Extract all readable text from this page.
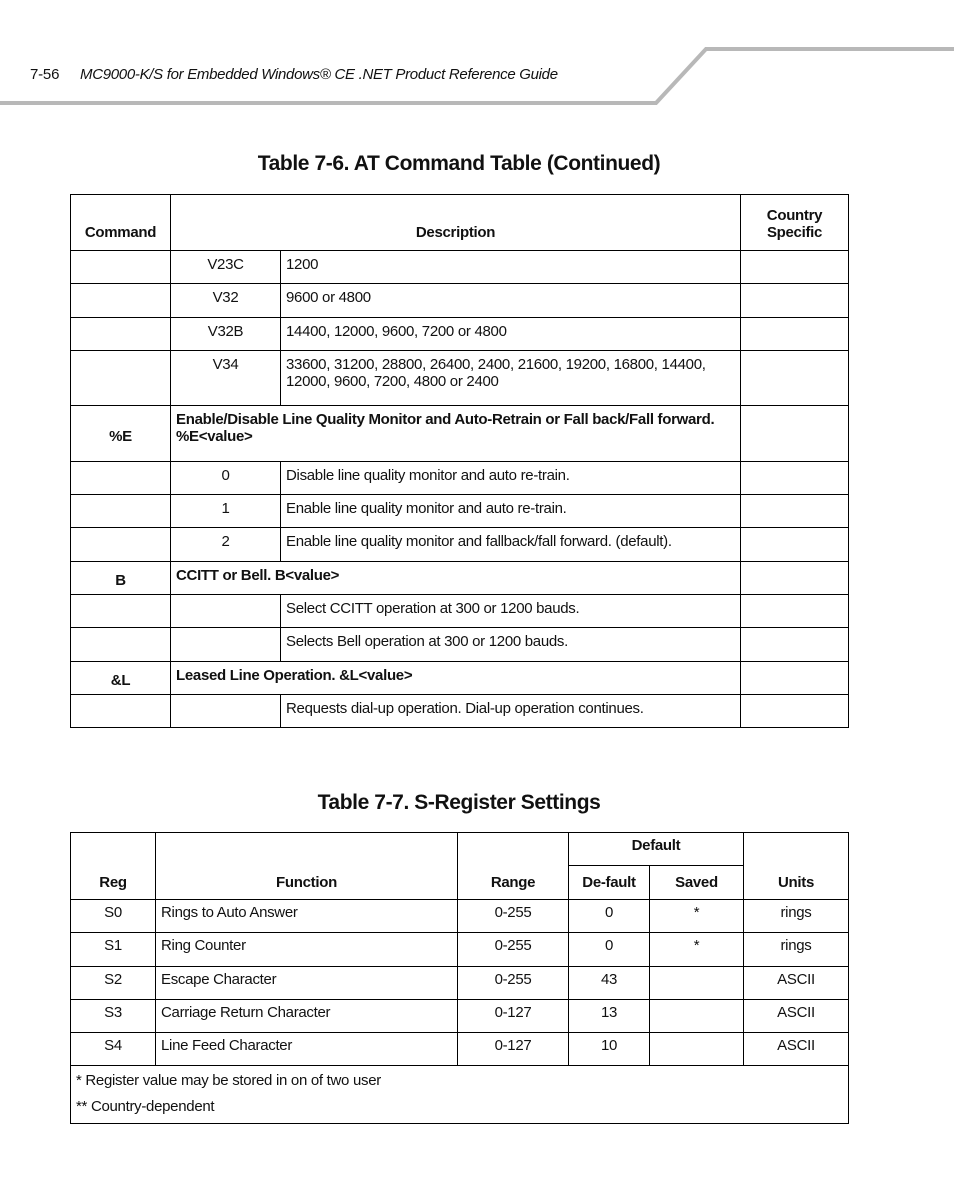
7-56 MC9000-K/S for Embedded Windows® CE .NET Product Reference Guide
Table 7-6. AT Command Table (Continued)
Command	Description		Country Specific
	V23C	1200	
	V32	9600 or 4800	
	V32B	14400, 12000, 9600, 7200 or 4800	
	V34	33600, 31200, 28800, 26400, 2400, 21600, 19200, 16800, 14400, 12000, 9600, 7200, 4800 or 2400	
%E	Enable/Disable Line Quality Monitor and Auto-Retrain or Fall back/Fall forward. %E<value>		
	0	Disable line quality monitor and auto re-train.	
	1	Enable line quality monitor and auto re-train.	
	2	Enable line quality monitor and fallback/fall forward. (default).	
B	CCITT or Bell. B<value>		
		Select CCITT operation at 300 or 1200 bauds.	
		Selects Bell operation at 300 or 1200 bauds.	
&L	Leased Line Operation. &L<value>		
		Requests dial-up operation. Dial-up operation continues.	
Table 7-7. S-Register Settings
Reg	Function	Range	Default		Units
			De-fault	Saved	
S0	Rings to Auto Answer	0-255	0	*	rings
S1	Ring Counter	0-255	0	*	rings
S2	Escape Character	0-255	43		ASCII
S3	Carriage Return Character	0-127	13		ASCII
S4	Line Feed Character	0-127	10		ASCII

* Register value may be stored in on of two user
** Country-dependent					
